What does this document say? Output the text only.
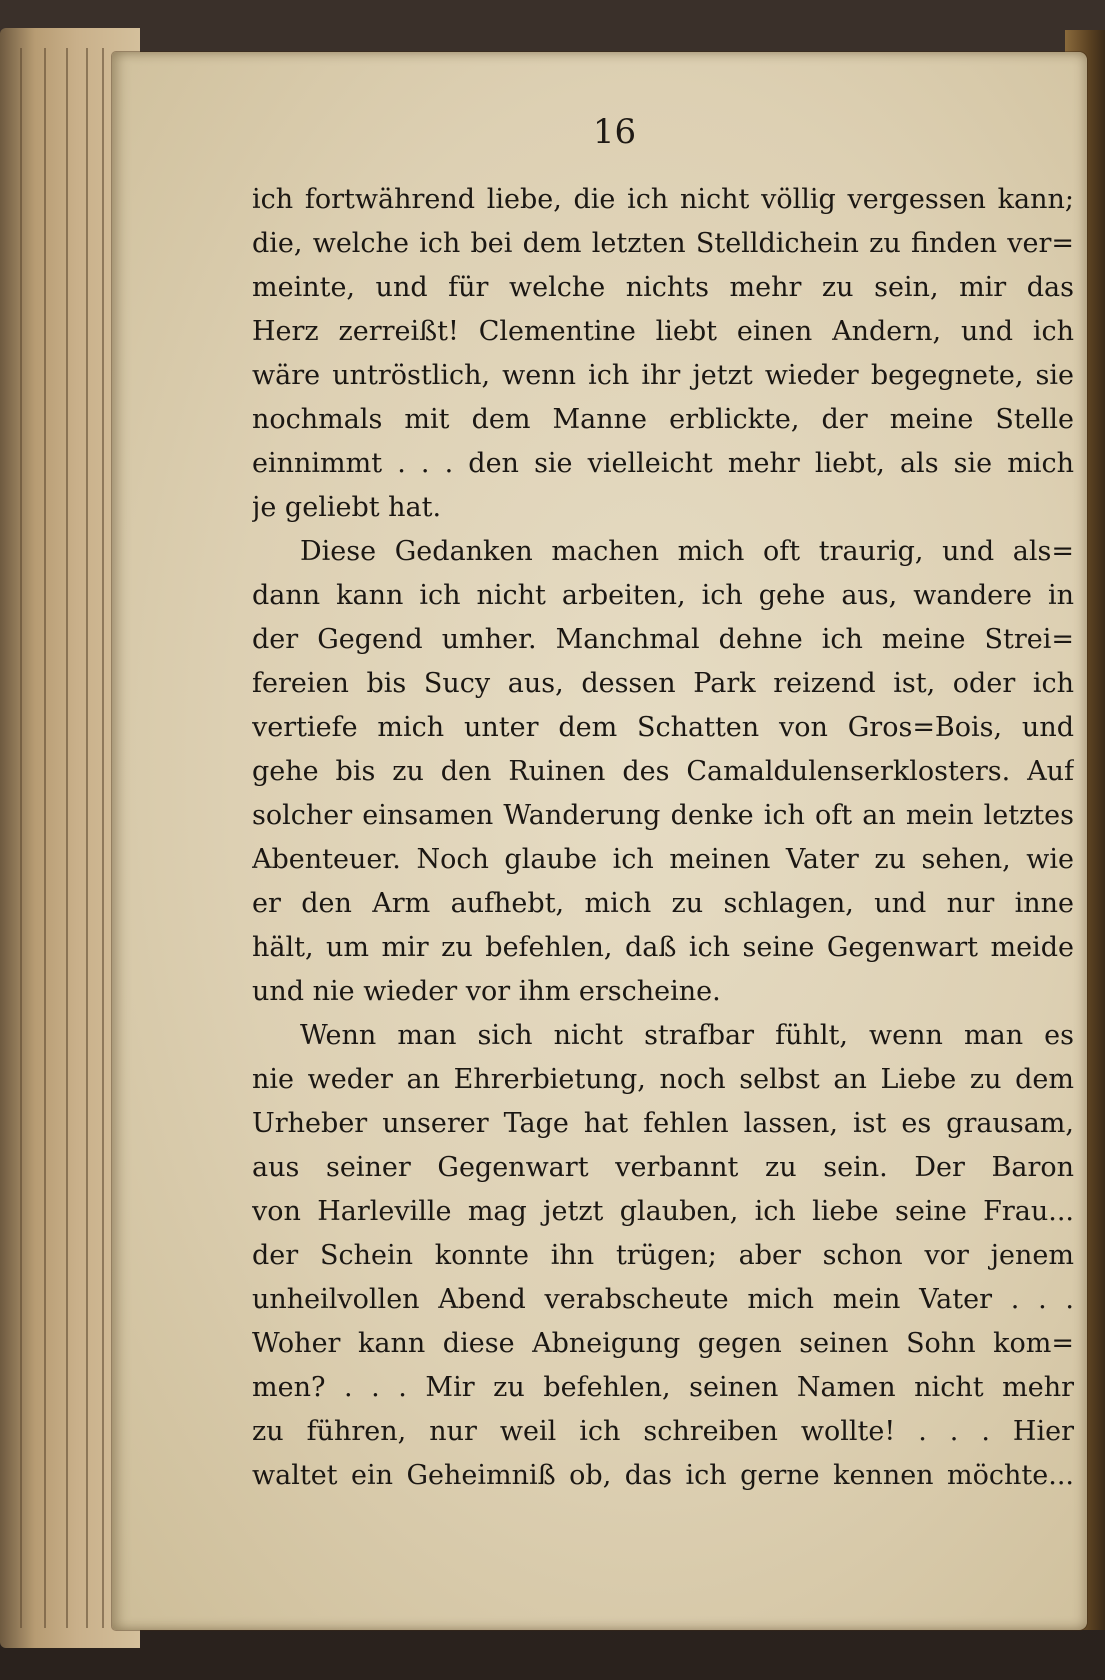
16
ich fortwährend liebe, die ich nicht völlig vergessen kann;
die, welche ich bei dem letzten Stelldichein zu finden ver=
meinte, und für welche nichts mehr zu sein, mir das
Herz zerreißt! Clementine liebt einen Andern, und ich
wäre untröstlich, wenn ich ihr jetzt wieder begegnete, sie
nochmals mit dem Manne erblickte, der meine Stelle
einnimmt . . . den sie vielleicht mehr liebt, als sie mich
je geliebt hat.
Diese Gedanken machen mich oft traurig, und als=
dann kann ich nicht arbeiten, ich gehe aus, wandere in
der Gegend umher. Manchmal dehne ich meine Strei=
fereien bis Sucy aus, dessen Park reizend ist, oder ich
vertiefe mich unter dem Schatten von Gros=Bois, und
gehe bis zu den Ruinen des Camaldulenserklosters. Auf
solcher einsamen Wanderung denke ich oft an mein letztes
Abenteuer. Noch glaube ich meinen Vater zu sehen, wie
er den Arm aufhebt, mich zu schlagen, und nur inne
hält, um mir zu befehlen, daß ich seine Gegenwart meide
und nie wieder vor ihm erscheine.
Wenn man sich nicht strafbar fühlt, wenn man es
nie weder an Ehrerbietung, noch selbst an Liebe zu dem
Urheber unserer Tage hat fehlen lassen, ist es grausam,
aus seiner Gegenwart verbannt zu sein. Der Baron
von Harleville mag jetzt glauben, ich liebe seine Frau...
der Schein konnte ihn trügen; aber schon vor jenem
unheilvollen Abend verabscheute mich mein Vater . . .
Woher kann diese Abneigung gegen seinen Sohn kom=
men? . . . Mir zu befehlen, seinen Namen nicht mehr
zu führen, nur weil ich schreiben wollte! . . . Hier
waltet ein Geheimniß ob, das ich gerne kennen möchte...
